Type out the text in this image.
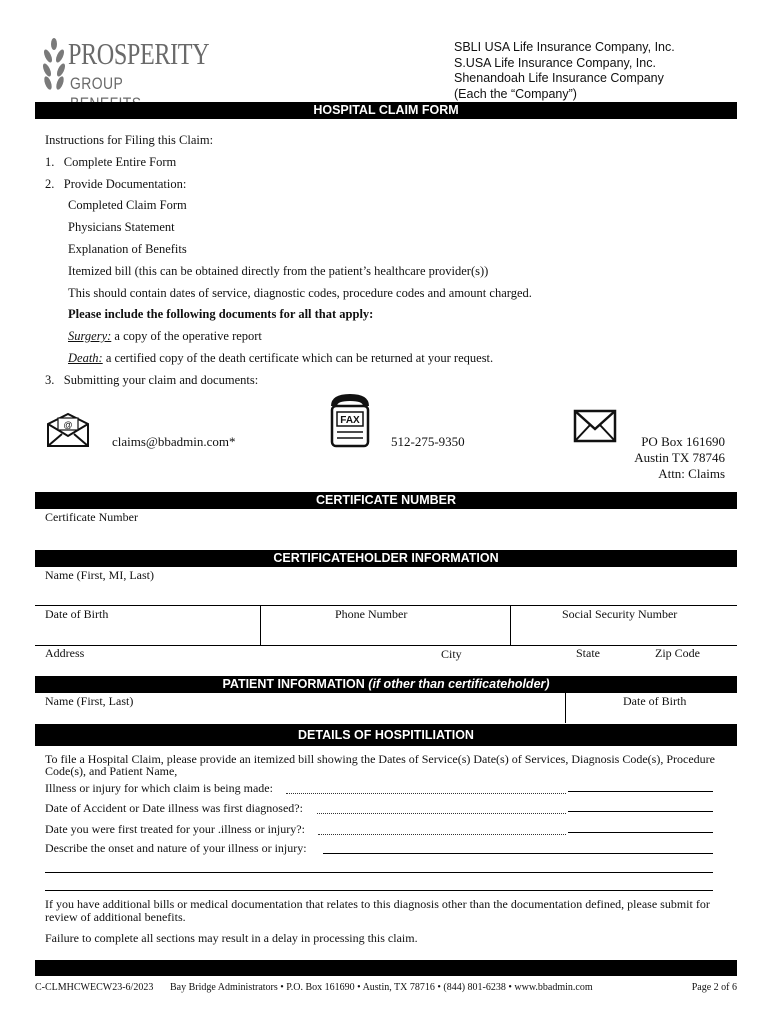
PROSPERITY
GROUP
SBLI USA Life Insurance Company, Inc.
S.USA Life Insurance Company, Inc.
Shenandoah Life Insurance Company
(Each the “Company”)
HOSPITAL CLAIM FORM
Instructions for Filing this Claim:
1. Complete Entire Form
2. Provide Documentation:
Completed Claim Form
Physicians Statement
Explanation of Benefits
Itemized bill (this can be obtained directly from the patient’s healthcare provider(s))
This should contain dates of service, diagnostic codes, procedure codes and amount charged.
Please include the following documents for all that apply:
Surgery: a copy of the operative report
Death: a certified copy of the death certificate which can be returned at your request.
3. Submitting your claim and documents:
@
claims@bbadmin.com*
FAX
512-275-9350	PO Box 161690
Austin TX 78746
Attn: Claims
CERTIFICATE NUMBER
Certificate Number
CERTIFICATEHOLDER INFORMATION
Name (First, MI, Last)
Date of Birth	Phone Number	Social Security Number
Address	City	State	Zip Code
PATIENT INFORMATION (if other than certificateholder)
Name (First, Last)	Date of Birth
DETAILS OF HOSPITILIATION
To file a Hospital Claim, please provide an itemized bill showing the Dates of Service(s) Date(s) of Services, Diagnosis Code(s), Procedure Code(s), and Patient Name,
Illness or injury for which claim is being made:
Date of Accident or Date illness was first diagnosed?:
Date you were first treated for your .illness or injury?:
Describe the onset and nature of your illness or injury:
If you have additional bills or medical documentation that relates to this diagnosis other than the documentation defined, please submit for review of additional benefits.
Failure to complete all sections may result in a delay in processing this claim.
C-CLMHCWECW23-6/2023 Bay Bridge Administrators • P.O. Box 161690 • Austin, TX 78716 • (844) 801-6238 • www.bbadmin.com	Page 2 of 6
